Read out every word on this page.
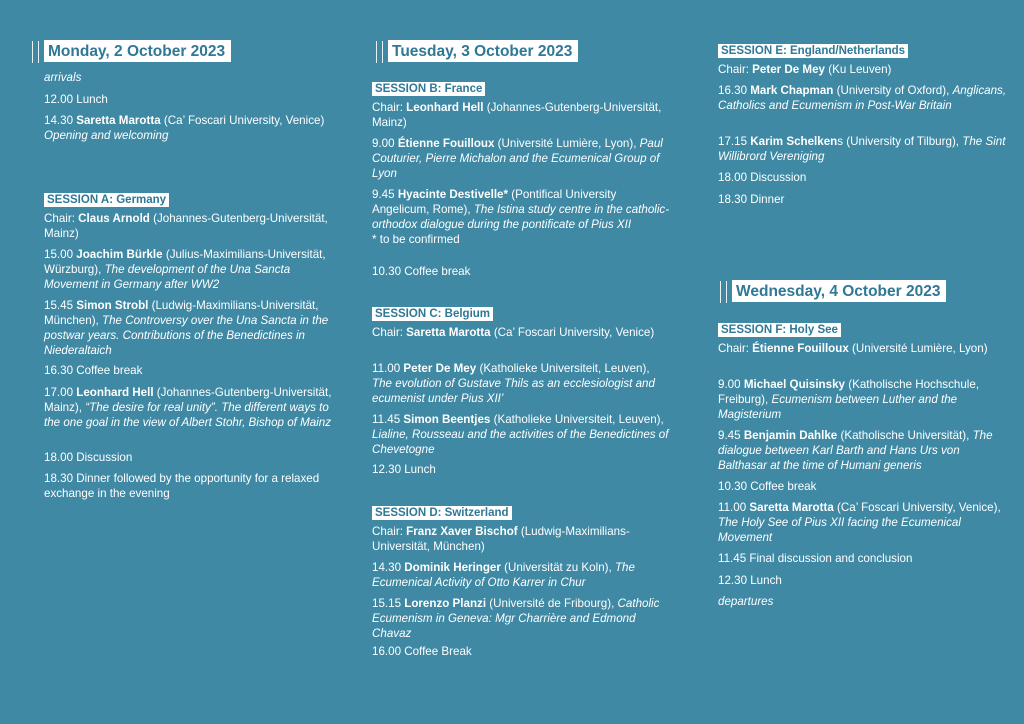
Monday, 2 October 2023

arrivals

12.00 Lunch

14.30 Saretta Marotta (Ca’ Foscari University, Venice)
Opening and welcoming

SESSION A: Germany

Chair: Claus Arnold (Johannes-Gutenberg-Universität, Mainz)

15.00 Joachim Bürkle (Julius-Maximilians-Universität, Würzburg), The development of the Una Sancta Movement in Germany after WW2

15.45 Simon Strobl (Ludwig-Maximilians-Universität, München), The Controversy over the Una Sancta in the postwar years. Contributions of the Benedictines in Niederaltaich

16.30 Coffee break

17.00 Leonhard Hell (Johannes-Gutenberg-Universität, Mainz), “The desire for real unity”. The different ways to the one goal in the view of Albert Stohr, Bishop of Mainz

18.00 Discussion

18.30 Dinner followed by the opportunity for a relaxed exchange in the evening

Tuesday, 3 October 2023
SESSION B: France

Chair: Leonhard Hell (Johannes-Gutenberg-Universität, Mainz)

9.00 Étienne Fouilloux (Université Lumière, Lyon), Paul Couturier, Pierre Michalon and the Ecumenical Group of Lyon

9.45 Hyacinte Destivelle* (Pontifical University Angelicum, Rome), The Istina study centre in the catholic-orthodox dialogue during the pontificate of Pius XII
* to be confirmed

10.30 Coffee break

SESSION C: Belgium

Chair: Saretta Marotta (Ca’ Foscari University, Venice)

11.00 Peter De Mey (Katholieke Universiteit, Leuven), The evolution of Gustave Thils as an ecclesiologist and ecumenist under Pius XII’

11.45 Simon Beentjes (Katholieke Universiteit, Leuven), Lialine, Rousseau and the activities of the Benedictines of Chevetogne

12.30 Lunch

SESSION D: Switzerland

Chair: Franz Xaver Bischof (Ludwig-Maximilians-Universität, München)

14.30 Dominik Heringer (Universität zu Koln), The Ecumenical Activity of Otto Karrer in Chur

15.15 Lorenzo Planzi (Université de Fribourg), Catholic Ecumenism in Geneva: Mgr Charrière and Edmond Chavaz

16.00 Coffee Break

SESSION E: England/Netherlands

Chair: Peter De Mey (Ku Leuven)

16.30 Mark Chapman (University of Oxford), Anglicans, Catholics and Ecumenism in Post-War Britain

17.15 Karim Schelkens (University of Tilburg), The Sint Willibrord Vereniging

18.00 Discussion

18.30 Dinner

Wednesday, 4 October 2023
SESSION F: Holy See

Chair: Étienne Fouilloux (Université Lumière, Lyon)

9.00 Michael Quisinsky (Katholische Hochschule, Freiburg), Ecumenism between Luther and the Magisterium

9.45 Benjamin Dahlke (Katholische Universität), The dialogue between Karl Barth and Hans Urs von Balthasar at the time of Humani generis

10.30 Coffee break

11.00 Saretta Marotta (Ca’ Foscari University, Venice), The Holy See of Pius XII facing the Ecumenical Movement

11.45 Final discussion and conclusion

12.30 Lunch

departures
